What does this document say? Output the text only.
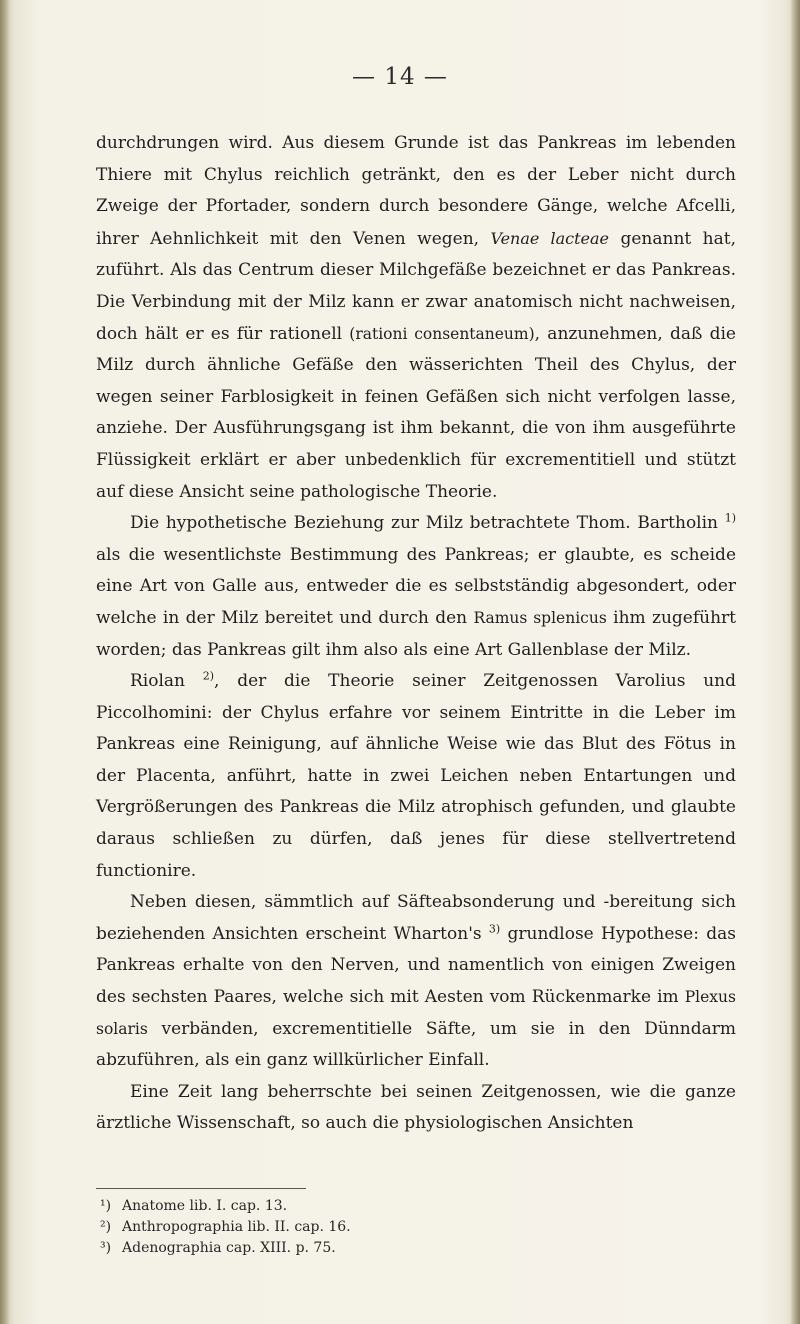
— 14 —

durchdrungen wird. Aus diesem Grunde ist das Pankreas im lebenden Thiere mit Chylus reichlich getränkt, den es der Leber nicht durch Zweige der Pfortader, sondern durch besondere Gänge, welche Afcelli, ihrer Aehnlichkeit mit den Venen wegen, Venae lacteae genannt hat, zuführt. Als das Centrum dieser Milchgefäße bezeichnet er das Pankreas. Die Verbindung mit der Milz kann er zwar anatomisch nicht nachweisen, doch hält er es für rationell (rationi consentaneum), anzunehmen, daß die Milz durch ähnliche Gefäße den wässerichten Theil des Chylus, der wegen seiner Farblosigkeit in feinen Gefäßen sich nicht verfolgen lasse, anziehe. Der Ausführungsgang ist ihm bekannt, die von ihm ausgeführte Flüssigkeit erklärt er aber unbedenklich für excrementitiell und stützt auf diese Ansicht seine pathologische Theorie.

Die hypothetische Beziehung zur Milz betrachtete Thom. Bartholin $^{1)}$ als die wesentlichste Bestimmung des Pankreas; er glaubte, es scheide eine Art von Galle aus, entweder die es selbstständig abgesondert, oder welche in der Milz bereitet und durch den Ramus splenicus ihm zugeführt worden; das Pankreas gilt ihm also als eine Art Gallenblase der Milz.

Riolan $^{2)}$, der die Theorie seiner Zeitgenossen Varolius und Piccolhomini: der Chylus erfahre vor seinem Eintritte in die Leber im Pankreas eine Reinigung, auf ähnliche Weise wie das Blut des Fötus in der Placenta, anführt, hatte in zwei Leichen neben Entartungen und Vergrößerungen des Pankreas die Milz atrophisch gefunden, und glaubte daraus schließen zu dürfen, daß jenes für diese stellvertretend functionire.

Neben diesen, sämmtlich auf Säfteabsonderung und -bereitung sich beziehenden Ansichten erscheint Wharton's $^{3)}$ grundlose Hypothese: das Pankreas erhalte von den Nerven, und namentlich von einigen Zweigen des sechsten Paares, welche sich mit Aesten vom Rückenmarke im Plexus solaris verbänden, excrementitielle Säfte, um sie in den Dünndarm abzuführen, als ein ganz willkürlicher Einfall.

Eine Zeit lang beherrschte bei seinen Zeitgenossen, wie die ganze ärztliche Wissenschaft, so auch die physiologischen Ansichten

¹) Anatome lib. I. cap. 13.
²) Anthropographia lib. II. cap. 16.
³) Adenographia cap. XIII. p. 75.
